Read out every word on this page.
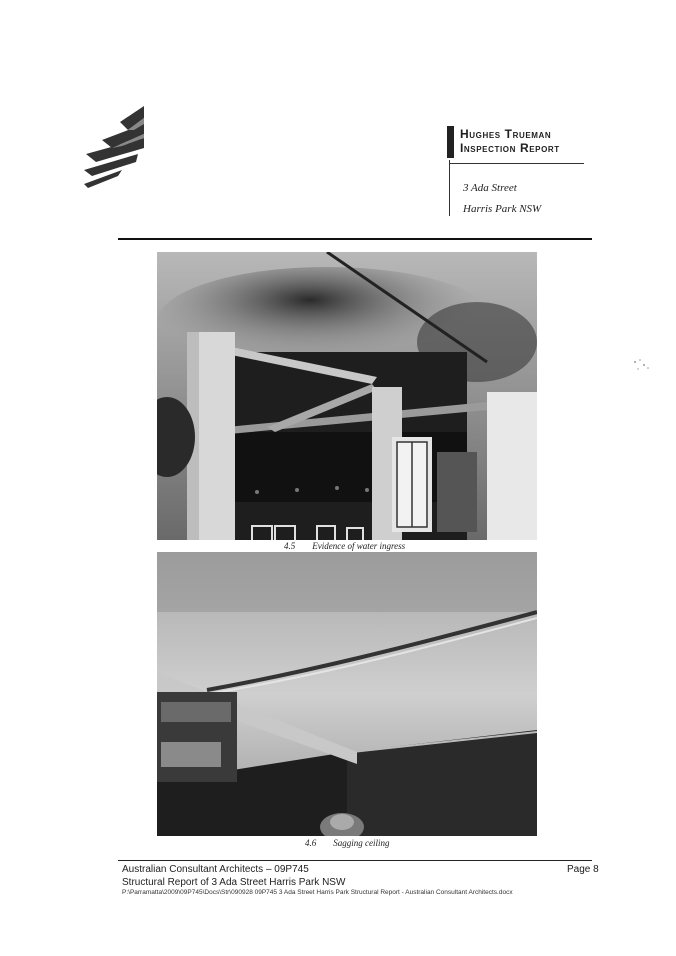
Hughes Trueman
Inspection Report
3 Ada Street
Harris Park NSW
4.5 Evidence of water ingress
4.6 Sagging ceiling
Australian Consultant Architects – 09P745
Structural Report of 3 Ada Street Harris Park NSW
P:\Parramatta\2009\09P745\Docs\Str\090928 09P745 3 Ada Street Harris Park Structural Report - Australian Consultant Architects.docx
Page 8
